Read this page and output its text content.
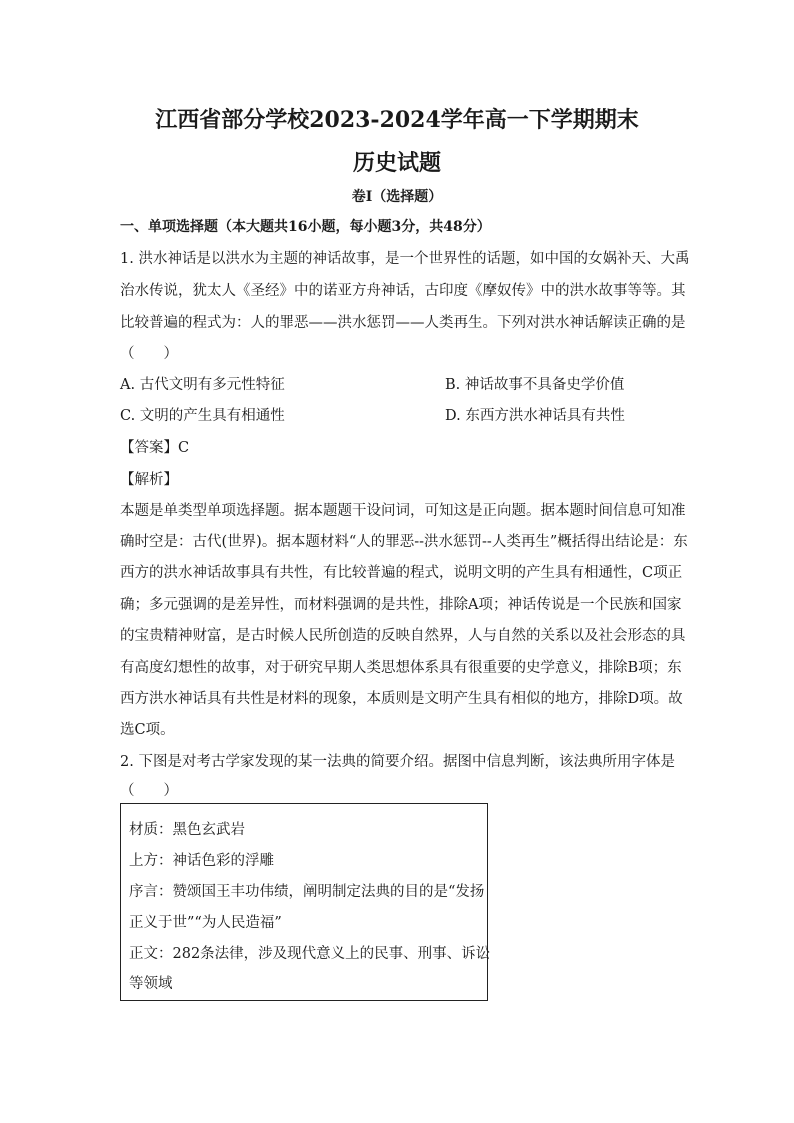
江西省部分学校2023-2024学年高一下学期期末
历史试题
卷Ⅰ（选择题）
一、单项选择题（本大题共16小题，每小题3分，共48分）
1. 洪水神话是以洪水为主题的神话故事，是一个世界性的话题，如中国的女娲补天、大禹
治水传说，犹太人《圣经》中的诺亚方舟神话，古印度《摩奴传》中的洪水故事等等。其
比较普遍的程式为：人的罪恶——洪水惩罚——人类再生。下列对洪水神话解读正确的是
（　　）
A. 古代文明有多元性特征	B. 神话故事不具备史学价值
C. 文明的产生具有相通性	D. 东西方洪水神话具有共性
【答案】C
【解析】
本题是单类型单项选择题。据本题题干设问词，可知这是正向题。据本题时间信息可知准
确时空是：古代(世界)。据本题材料“人的罪恶--洪水惩罚--人类再生”概括得出结论是：东
西方的洪水神话故事具有共性，有比较普遍的程式，说明文明的产生具有相通性，C项正
确；多元强调的是差异性，而材料强调的是共性，排除A项；神话传说是一个民族和国家
的宝贵精神财富，是古时候人民所创造的反映自然界，人与自然的关系以及社会形态的具
有高度幻想性的故事，对于研究早期人类思想体系具有很重要的史学意义，排除B项；东
西方洪水神话具有共性是材料的现象，本质则是文明产生具有相似的地方，排除D项。故
选C项。
2. 下图是对考古学家发现的某一法典的简要介绍。据图中信息判断，该法典所用字体是
（　　）
材质：黑色玄武岩
上方：神话色彩的浮雕
序言：赞颂国王丰功伟绩，阐明制定法典的目的是“发扬
正义于世”“为人民造福”
正文：282条法律，涉及现代意义上的民事、刑事、诉讼
等领域
